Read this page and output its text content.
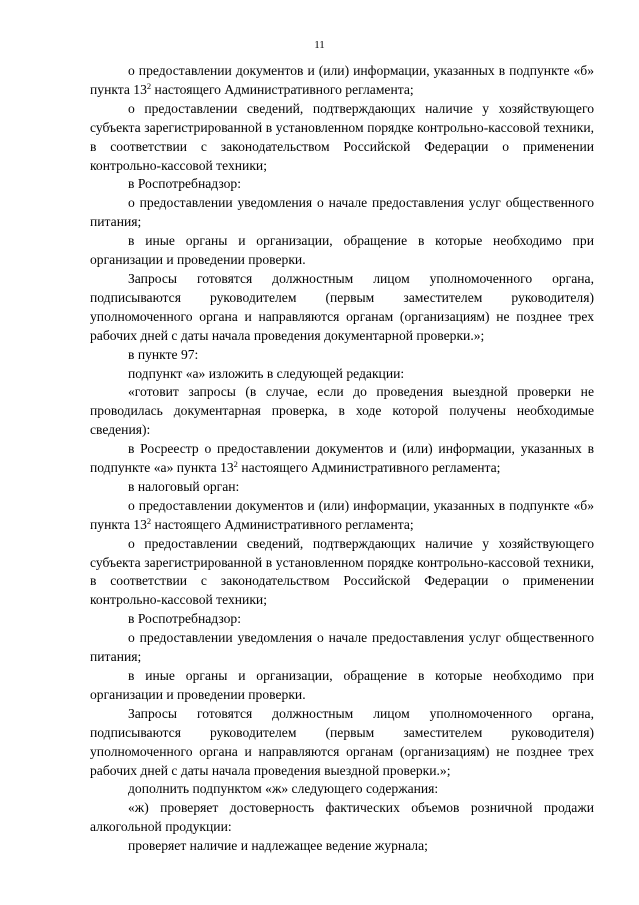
11

о предоставлении документов и (или) информации, указанных в подпункте «б» пункта $13^2$ настоящего Административного регламента;

о предоставлении сведений, подтверждающих наличие у хозяйствующего субъекта зарегистрированной в установленном порядке контрольно-кассовой техники, в соответствии с законодательством Российской Федерации о применении контрольно-кассовой техники;

в Роспотребнадзор:

о предоставлении уведомления о начале предоставления услуг общественного питания;

в иные органы и организации, обращение в которые необходимо при организации и проведении проверки.

Запросы готовятся должностным лицом уполномоченного органа, подписываются руководителем (первым заместителем руководителя) уполномоченного органа и направляются органам (организациям) не позднее трех рабочих дней с даты начала проведения документарной проверки.»;

в пункте 97:

подпункт «а» изложить в следующей редакции:

«готовит запросы (в случае, если до проведения выездной проверки не проводилась документарная проверка, в ходе которой получены необходимые сведения):

в Росреестр о предоставлении документов и (или) информации, указанных в подпункте «а» пункта $13^2$ настоящего Административного регламента;

в налоговый орган:

о предоставлении документов и (или) информации, указанных в подпункте «б» пункта $13^2$ настоящего Административного регламента;

о предоставлении сведений, подтверждающих наличие у хозяйствующего субъекта зарегистрированной в установленном порядке контрольно-кассовой техники, в соответствии с законодательством Российской Федерации о применении контрольно-кассовой техники;

в Роспотребнадзор:

о предоставлении уведомления о начале предоставления услуг общественного питания;

в иные органы и организации, обращение в которые необходимо при организации и проведении проверки.

Запросы готовятся должностным лицом уполномоченного органа, подписываются руководителем (первым заместителем руководителя) уполномоченного органа и направляются органам (организациям) не позднее трех рабочих дней с даты начала проведения выездной проверки.»;

дополнить подпунктом «ж» следующего содержания:

«ж) проверяет достоверность фактических объемов розничной продажи алкогольной продукции:

проверяет наличие и надлежащее ведение журнала;
